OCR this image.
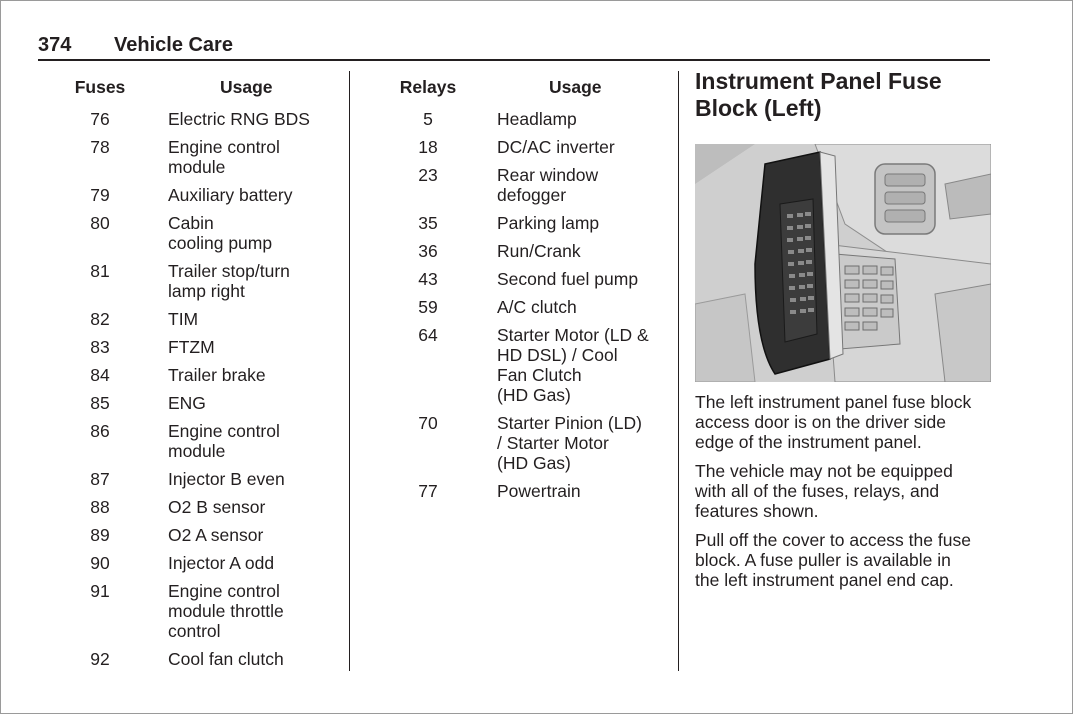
374 Vehicle Care
Fuses	Usage
76	Electric RNG BDS
78	Engine control
module
79	Auxiliary battery
80	Cabin
cooling pump
81	Trailer stop/turn
lamp right
82	TIM
83	FTZM
84	Trailer brake
85	ENG
86	Engine control
module
87	Injector B even
88	O2 B sensor
89	O2 A sensor
90	Injector A odd
91	Engine control
module throttle
control
92	Cool fan clutch
Relays	Usage
5	Headlamp
18	DC/AC inverter
23	Rear window
defogger
35	Parking lamp
36	Run/Crank
43	Second fuel pump
59	A/C clutch
64	Starter Motor (LD &
HD DSL) / Cool
Fan Clutch
(HD Gas)
70	Starter Pinion (LD)
/ Starter Motor
(HD Gas)
77	Powertrain
Instrument Panel Fuse
Block (Left)

The left instrument panel fuse block
access door is on the driver side
edge of the instrument panel.

The vehicle may not be equipped
with all of the fuses, relays, and
features shown.

Pull off the cover to access the fuse
block. A fuse puller is available in
the left instrument panel end cap.
